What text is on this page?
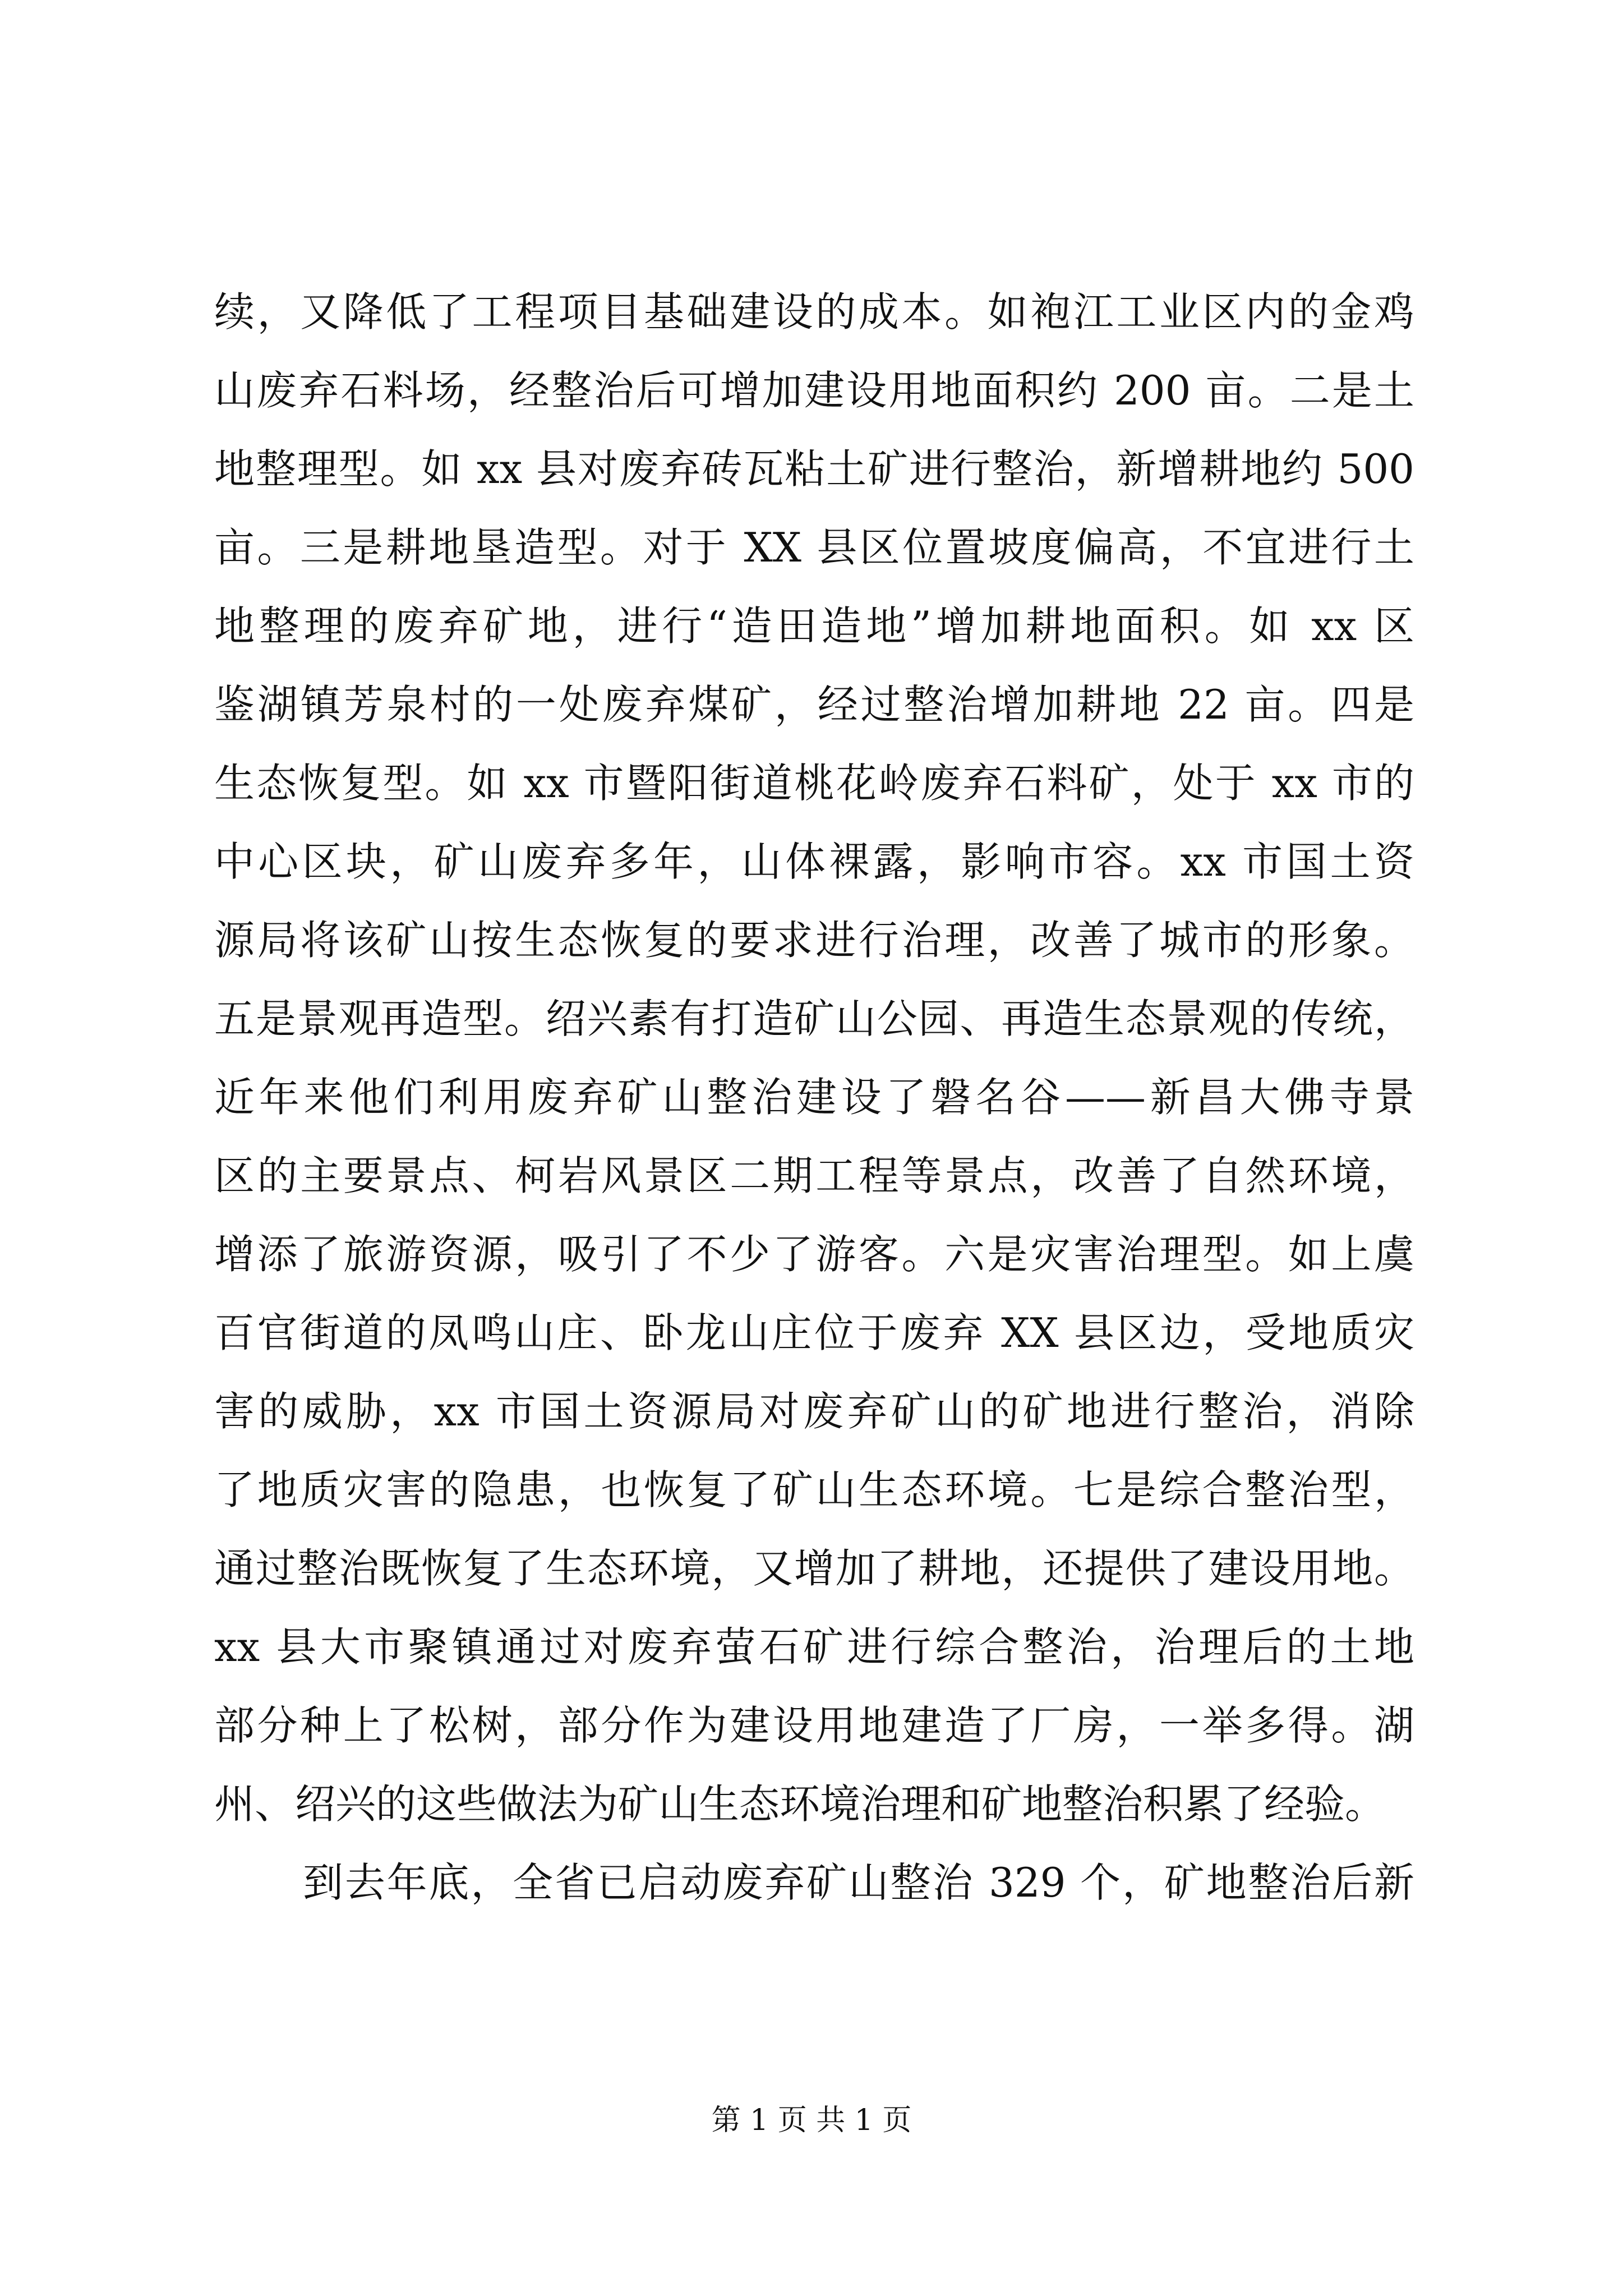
续，又降低了工程项目基础建设的成本。如袍江工业区内的金鸡
山废弃石料场，经整治后可增加建设用地面积约 200 亩。二是土
地整理型。如 xx 县对废弃砖瓦粘土矿进行整治，新增耕地约 500
亩。三是耕地垦造型。对于 XX 县区位置坡度偏高，不宜进行土
地整理的废弃矿地，进行“造田造地”增加耕地面积。如 xx 区
鉴湖镇芳泉村的一处废弃煤矿，经过整治增加耕地 22 亩。四是
生态恢复型。如 xx 市暨阳街道桃花岭废弃石料矿，处于 xx 市的
中心区块，矿山废弃多年，山体裸露，影响市容。xx 市国土资
源局将该矿山按生态恢复的要求进行治理，改善了城市的形象。
五是景观再造型。绍兴素有打造矿山公园、再造生态景观的传统，
近年来他们利用废弃矿山整治建设了磐名谷——新昌大佛寺景
区的主要景点、柯岩风景区二期工程等景点，改善了自然环境，
增添了旅游资源，吸引了不少了游客。六是灾害治理型。如上虞
百官街道的凤鸣山庄、卧龙山庄位于废弃 XX 县区边，受地质灾
害的威胁，xx 市国土资源局对废弃矿山的矿地进行整治，消除
了地质灾害的隐患，也恢复了矿山生态环境。七是综合整治型，
通过整治既恢复了生态环境，又增加了耕地，还提供了建设用地。
xx 县大市聚镇通过对废弃萤石矿进行综合整治，治理后的土地
部分种上了松树，部分作为建设用地建造了厂房，一举多得。湖
州、绍兴的这些做法为矿山生态环境治理和矿地整治积累了经验。
到去年底，全省已启动废弃矿山整治 329 个，矿地整治后新
第 1 页 共 1 页
